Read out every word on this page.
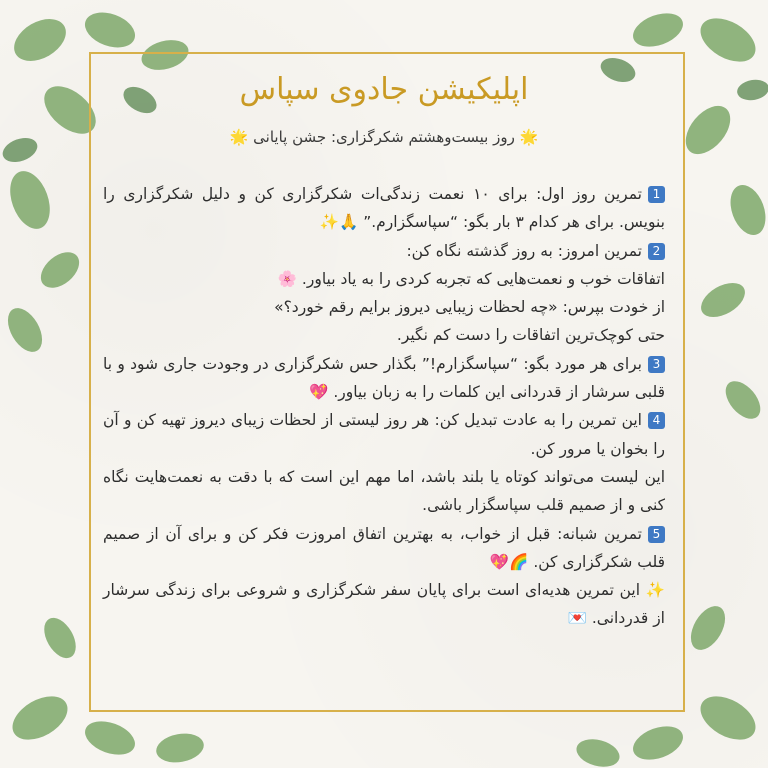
اپلیکیشن جادوی سپاس
🌟 روز بیست‌وهشتم شکرگزاری: جشن پایانی 🌟

1تمرین روز اول: برای ۱۰ نعمت زندگی‌ات شکرگزاری کن و دلیل شکرگزاری را بنویس. برای هر کدام ۳ بار بگو: “سپاسگزارم.” 🙏✨

2تمرین امروز: به روز گذشته نگاه کن:

اتفاقات خوب و نعمت‌هایی که تجربه کردی را به یاد بیاور. 🌸

از خودت بپرس: «چه لحظات زیبایی دیروز برایم رقم خورد؟»

حتی کوچک‌ترین اتفاقات را دست کم نگیر.

3برای هر مورد بگو: “سپاسگزارم!” بگذار حس شکرگزاری در وجودت جاری شود و با قلبی سرشار از قدردانی این کلمات را به زبان بیاور. 💖

4این تمرین را به عادت تبدیل کن: هر روز لیستی از لحظات زیبای دیروز تهیه کن و آن را بخوان یا مرور کن.

این لیست می‌تواند کوتاه یا بلند باشد، اما مهم این است که با دقت به نعمت‌هایت نگاه کنی و از صمیم قلب سپاسگزار باشی.

5تمرین شبانه: قبل از خواب، به بهترین اتفاق امروزت فکر کن و برای آن از صمیم قلب شکرگزاری کن. 🌈💖

✨ این تمرین هدیه‌ای است برای پایان سفر شکرگزاری و شروعی برای زندگی سرشار از قدردانی. 💌
